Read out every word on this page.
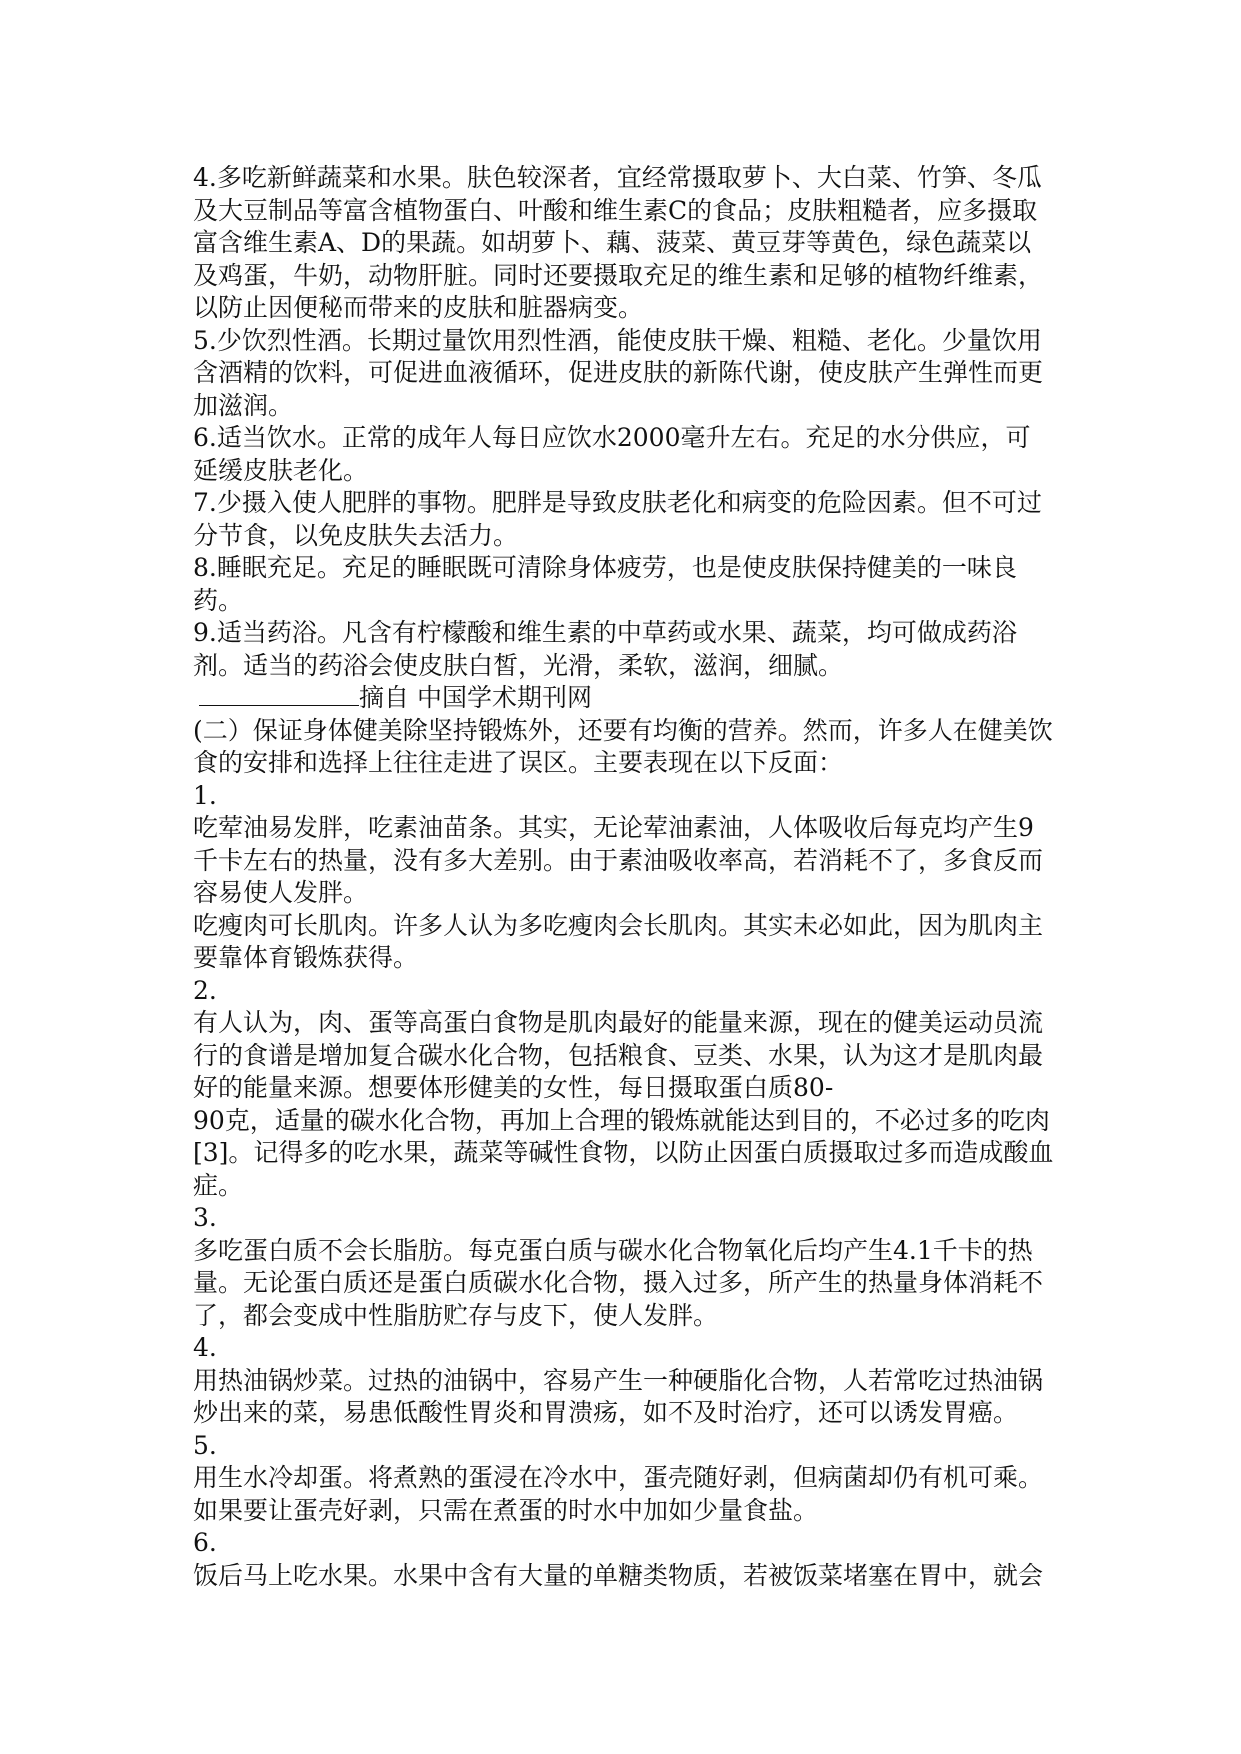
4.多吃新鲜蔬菜和水果。肤色较深者，宜经常摄取萝卜、大白菜、竹笋、冬瓜及大豆制品等富含植物蛋白、叶酸和维生素C的食品；皮肤粗糙者，应多摄取富含维生素A、D的果蔬。如胡萝卜、藕、菠菜、黄豆芽等黄色，绿色蔬菜以及鸡蛋，牛奶，动物肝脏。同时还要摄取充足的维生素和足够的植物纤维素，以防止因便秘而带来的皮肤和脏器病变。

5.少饮烈性酒。长期过量饮用烈性酒，能使皮肤干燥、粗糙、老化。少量饮用含酒精的饮料，可促进血液循环，促进皮肤的新陈代谢，使皮肤产生弹性而更加滋润。

6.适当饮水。正常的成年人每日应饮水2000毫升左右。充足的水分供应，可延缓皮肤老化。

7.少摄入使人肥胖的事物。肥胖是导致皮肤老化和病变的危险因素。但不可过分节食，以免皮肤失去活力。

8.睡眠充足。充足的睡眠既可清除身体疲劳，也是使皮肤保持健美的一味良药。

9.适当药浴。凡含有柠檬酸和维生素的中草药或水果、蔬菜，均可做成药浴剂。适当的药浴会使皮肤白皙，光滑，柔软，滋润，细腻。

摘自 中国学术期刊网

(二）保证身体健美除坚持锻炼外，还要有均衡的营养。然而，许多人在健美饮食的安排和选择上往往走进了误区。主要表现在以下反面：

1.

吃荤油易发胖，吃素油苗条。其实，无论荤油素油，人体吸收后每克均产生9千卡左右的热量，没有多大差别。由于素油吸收率高，若消耗不了，多食反而容易使人发胖。

吃瘦肉可长肌肉。许多人认为多吃瘦肉会长肌肉。其实未必如此，因为肌肉主要靠体育锻炼获得。

2.

有人认为，肉、蛋等高蛋白食物是肌肉最好的能量来源，现在的健美运动员流行的食谱是增加复合碳水化合物，包括粮食、豆类、水果，认为这才是肌肉最好的能量来源。想要体形健美的女性，每日摄取蛋白质80-

90克，适量的碳水化合物，再加上合理的锻炼就能达到目的，不必过多的吃肉[3]。记得多的吃水果，蔬菜等碱性食物，以防止因蛋白质摄取过多而造成酸血症。

3.

多吃蛋白质不会长脂肪。每克蛋白质与碳水化合物氧化后均产生4.1千卡的热量。无论蛋白质还是蛋白质碳水化合物，摄入过多，所产生的热量身体消耗不了，都会变成中性脂肪贮存与皮下，使人发胖。

4.

用热油锅炒菜。过热的油锅中，容易产生一种硬脂化合物，人若常吃过热油锅炒出来的菜，易患低酸性胃炎和胃溃疡，如不及时治疗，还可以诱发胃癌。

5.

用生水冷却蛋。将煮熟的蛋浸在冷水中，蛋壳随好剥，但病菌却仍有机可乘。如果要让蛋壳好剥，只需在煮蛋的时水中加如少量食盐。

6.

饭后马上吃水果。水果中含有大量的单糖类物质，若被饭菜堵塞在胃中，就会
